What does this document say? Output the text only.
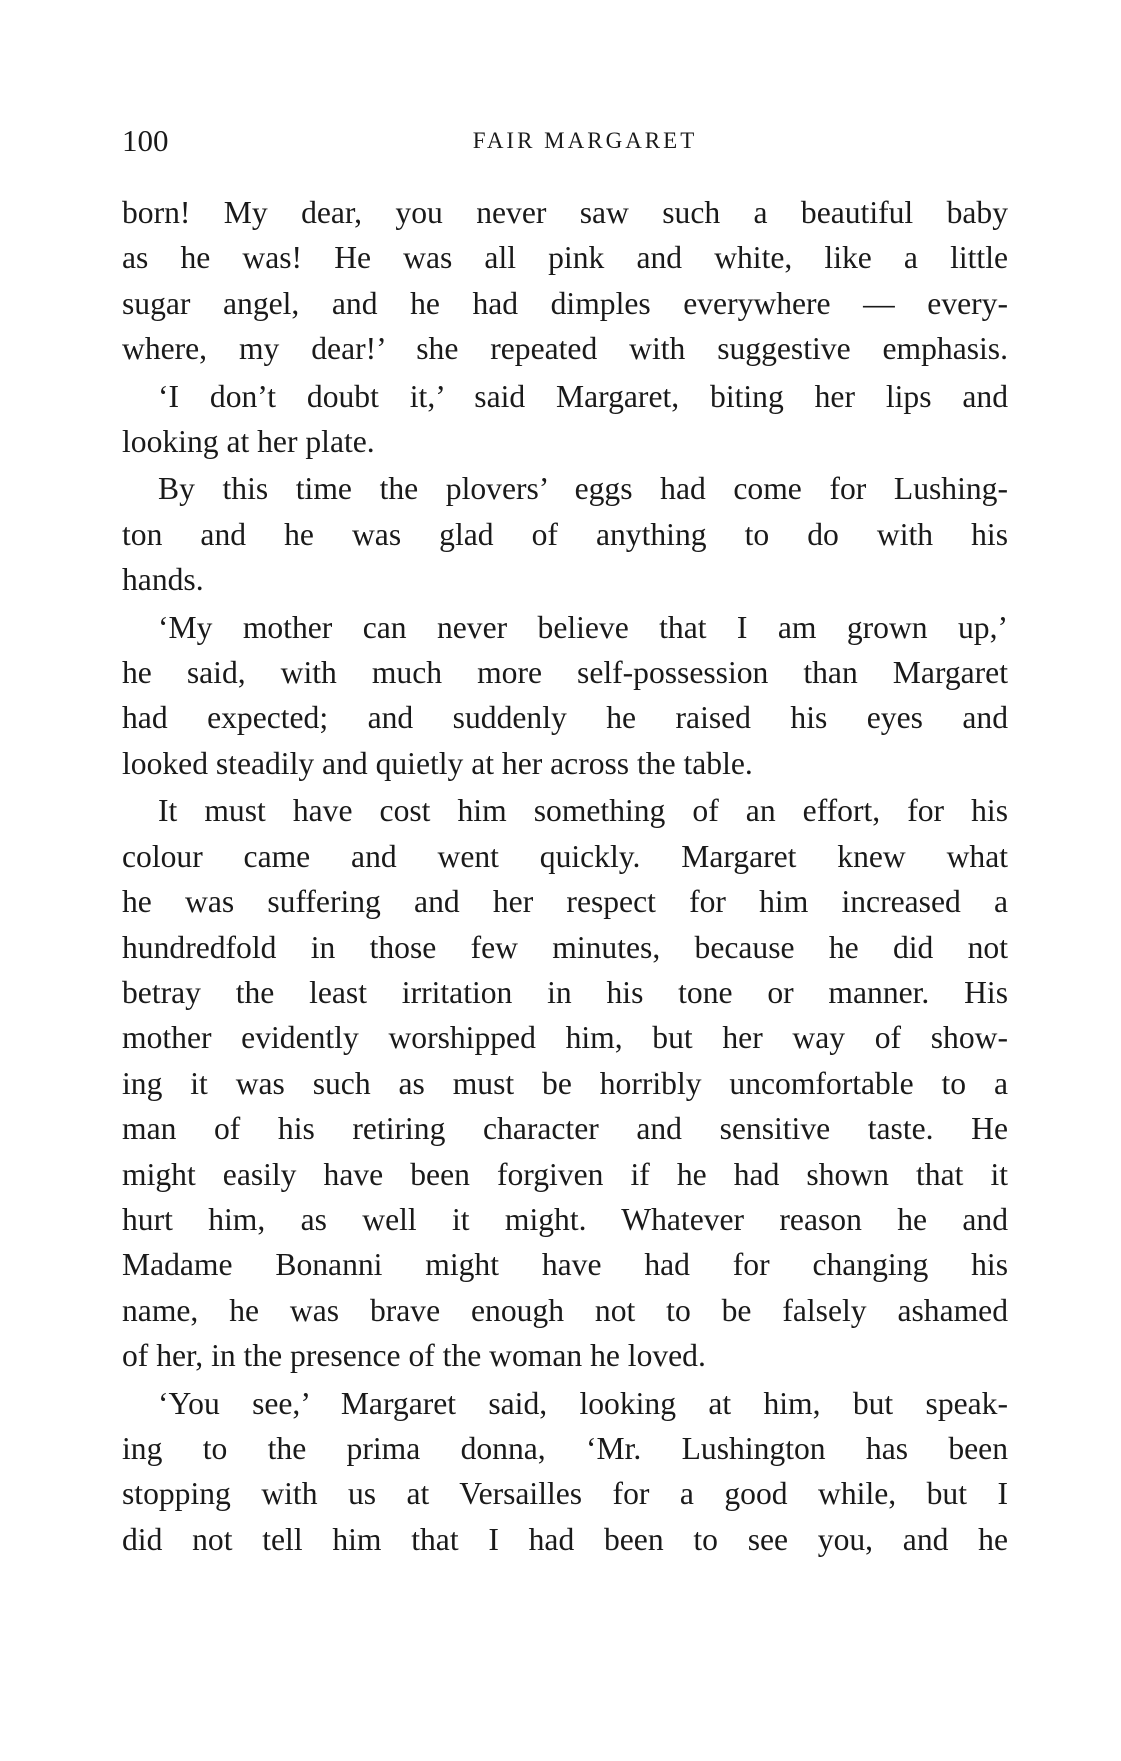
100	FAIR MARGARET

born! My dear, you never saw such a beautiful baby
as he was! He was all pink and white, like a little
sugar angel, and he had dimples everywhere — every-
where, my dear!’ she repeated with suggestive emphasis.

‘I don’t doubt it,’ said Margaret, biting her lips and
looking at her plate.

By this time the plovers’ eggs had come for Lushing-
ton and he was glad of anything to do with his
hands.

‘My mother can never believe that I am grown up,’
he said, with much more self-possession than Margaret
had expected; and suddenly he raised his eyes and
looked steadily and quietly at her across the table.

It must have cost him something of an effort, for his
colour came and went quickly. Margaret knew what
he was suffering and her respect for him increased a
hundredfold in those few minutes, because he did not
betray the least irritation in his tone or manner. His
mother evidently worshipped him, but her way of show-
ing it was such as must be horribly uncomfortable to a
man of his retiring character and sensitive taste. He
might easily have been forgiven if he had shown that it
hurt him, as well it might. Whatever reason he and
Madame Bonanni might have had for changing his
name, he was brave enough not to be falsely ashamed
of her, in the presence of the woman he loved.

‘You see,’ Margaret said, looking at him, but speak-
ing to the prima donna, ‘Mr. Lushington has been
stopping with us at Versailles for a good while, but I
did not tell him that I had been to see you, and he
